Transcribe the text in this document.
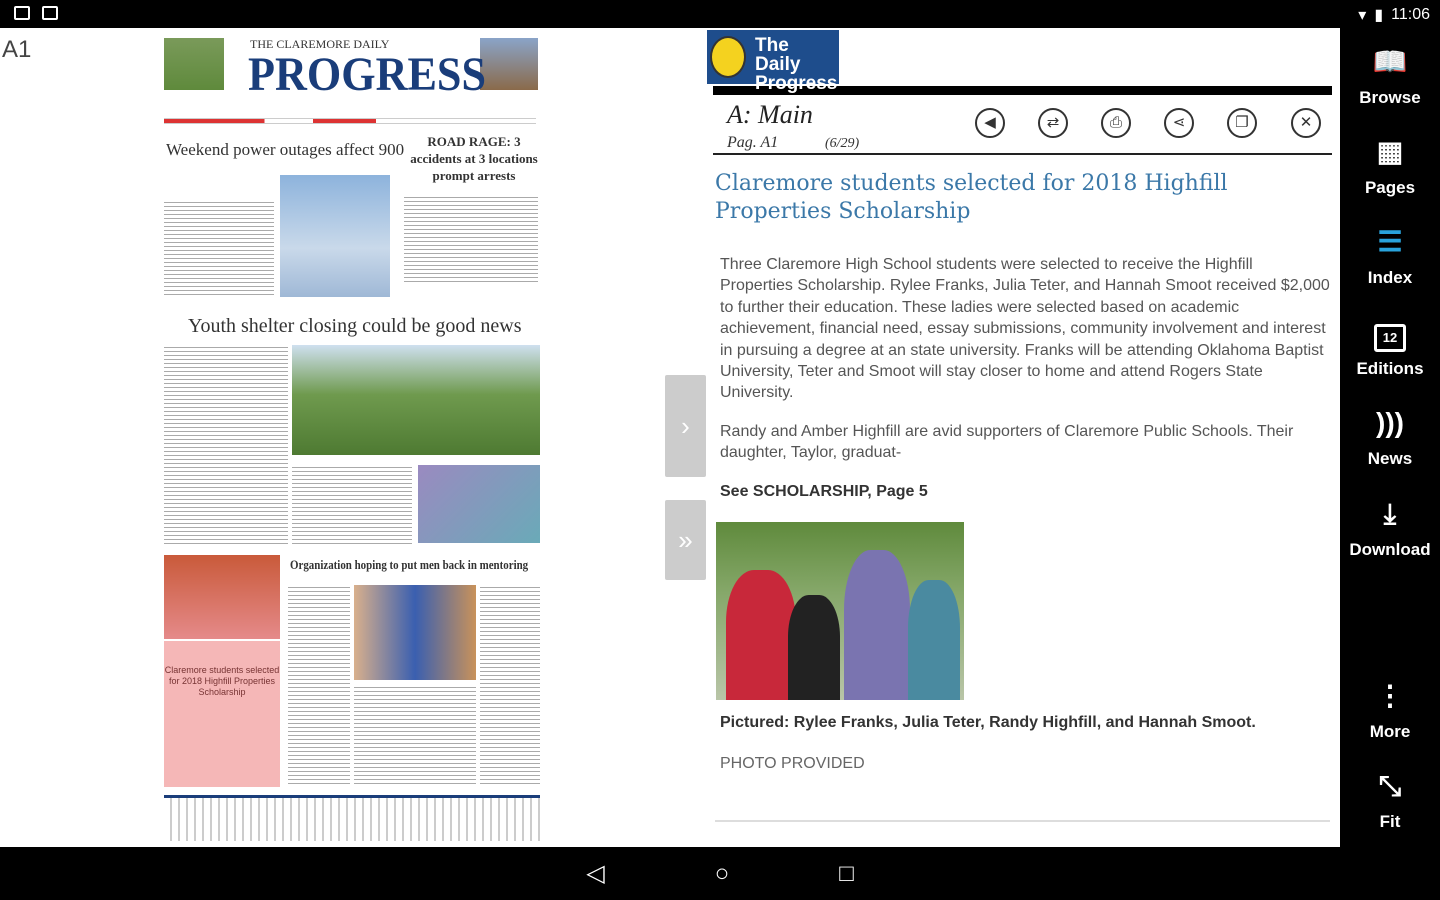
▾ ▮ 11:06
A1	THE CLAREMORE DAILY
PROGRESS
Weekend power outages affect 900	ROAD RAGE: 3 accidents at 3 locations prompt arrests
Youth shelter closing could be good news
Claremore students selected for 2018 Highfill Properties Scholarship
Organization hoping to put men back in mentoring
›
»
The Daily Progress
A: Main
Pag. A1	(6/29)
◀	⇄	⎙	⋖	❐	✕
Claremore students selected for 2018 Highfill Properties Scholarship

Three Claremore High School students were selected to receive the Highfill Properties Scholarship. Rylee Franks, Julia Teter, and Hannah Smoot received $2,000 to further their education. These ladies were selected based on academic achievement, financial need, essay submissions, community involvement and interest in pursuing a degree at an state university. Franks will be attending Oklahoma Baptist University, Teter and Smoot will stay closer to home and attend Rogers State University.

Randy and Amber Highfill are avid supporters of Claremore Public Schools. Their daughter, Taylor, graduat-

See SCHOLARSHIP, Page 5

Pictured: Rylee Franks, Julia Teter, Randy Highfill, and Hannah Smoot.
PHOTO PROVIDED
📖
Browse
▦
Pages
☰
Index
12
Editions
)))
News
⤓
Download
⋮
More
⤡
Fit
◁	○	□
